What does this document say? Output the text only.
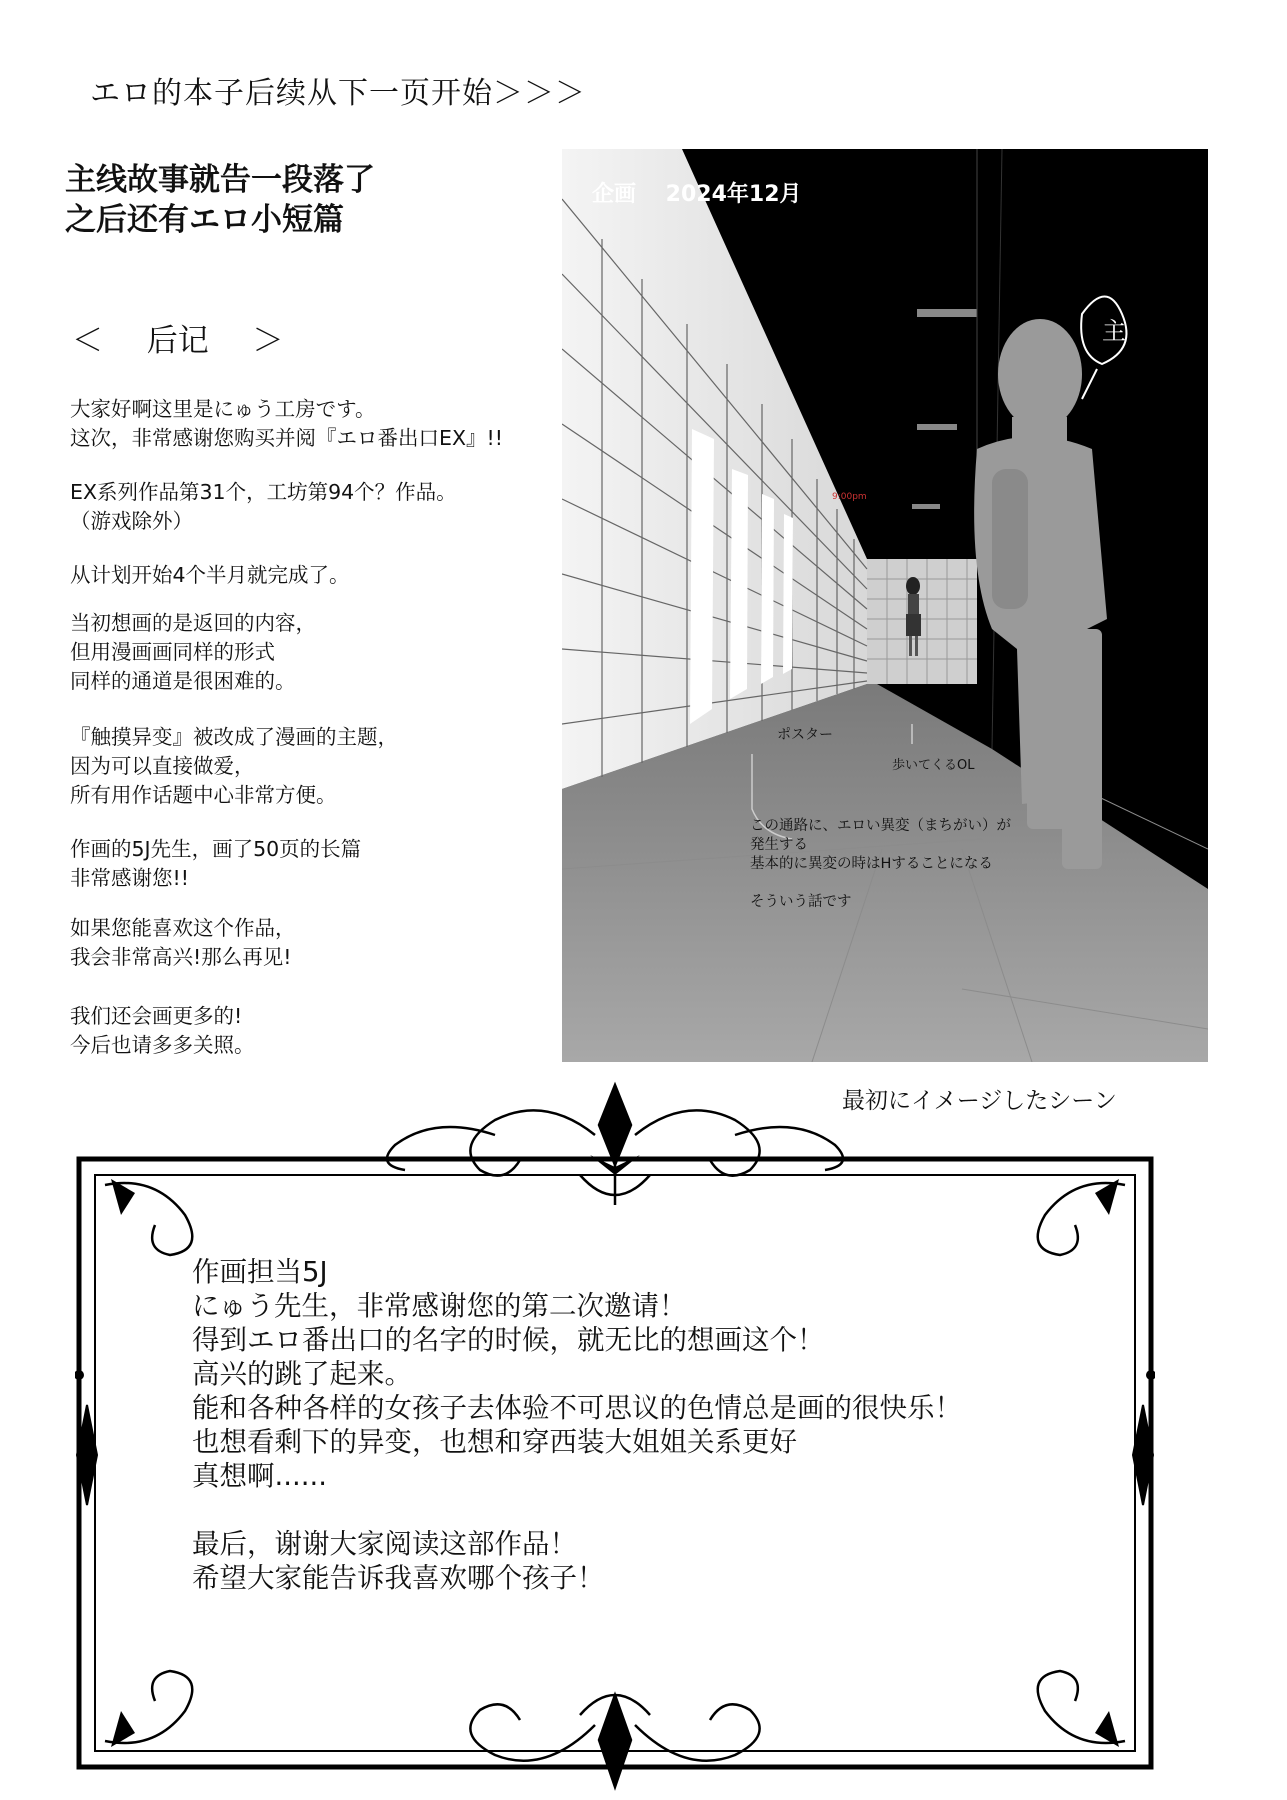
エロ的本子后续从下一页开始＞＞＞
主线故事就告一段落了
之后还有エロ小短篇
＜ 后记 ＞
大家好啊这里是にゅう工房です。
这次，非常感谢您购买并阅『エロ番出口EX』!!
EX系列作品第31个，工坊第94个？作品。
（游戏除外）
从计划开始4个半月就完成了。
当初想画的是返回的内容，
但用漫画画同样的形式
同样的通道是很困难的。
『触摸异变』被改成了漫画的主题，
因为可以直接做爱，
所有用作话题中心非常方便。
作画的5J先生，画了50页的长篇
非常感谢您!!
如果您能喜欢这个作品，
我会非常高兴!那么再见!
我们还会画更多的!
今后也请多多关照。
主
ポスター
歩いてくるOL
9:00pm
企画　 2024年12月
この通路に、エロい異変（まちがい）が
発生する
基本的に異変の時はHすることになる
そういう話です
最初にイメージしたシーン
作画担当5J
にゅう先生，非常感谢您的第二次邀请！
得到エロ番出口的名字的时候，就无比的想画这个！
高兴的跳了起来。
能和各种各样的女孩子去体验不可思议的色情总是画的很快乐！
也想看剩下的异变，也想和穿西装大姐姐关系更好
真想啊......
最后，谢谢大家阅读这部作品！
希望大家能告诉我喜欢哪个孩子！
